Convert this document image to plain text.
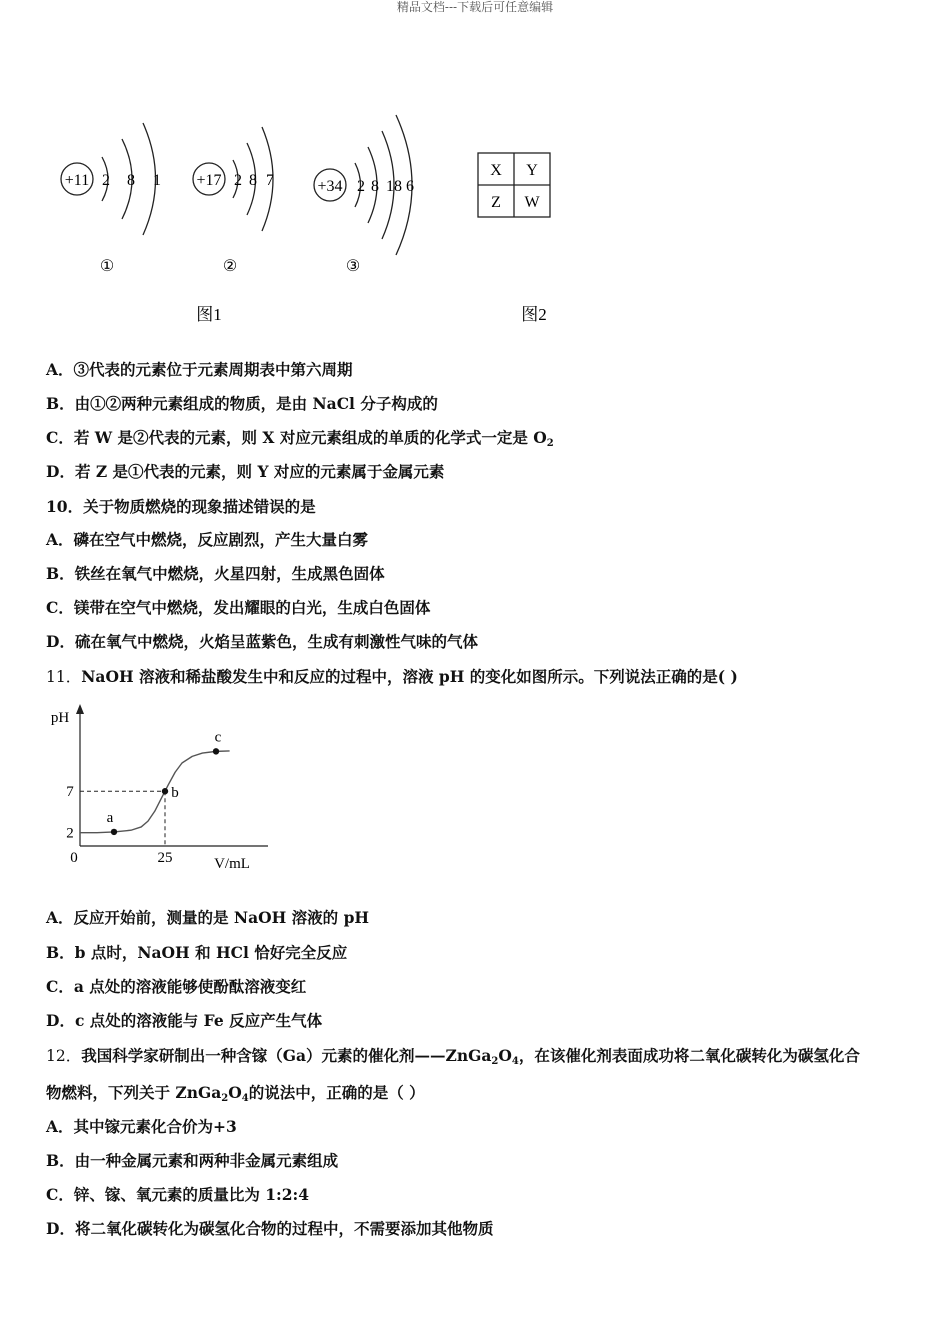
精品文档---下载后可任意编辑
+11 2 8 1
①
+17 2 8 7
②
+34 2 8 18 6
③
图1
X Y
Z W
图2
A．③代表的元素位于元素周期表中第六周期
B．由①②两种元素组成的物质，是由 NaCl 分子构成的
C．若 W 是②代表的元素，则 X 对应元素组成的单质的化学式一定是 $O_2$
D．若 Z 是①代表的元素，则 Y 对应的元素属于金属元素
10．关于物质燃烧的现象描述错误的是
A．磷在空气中燃烧，反应剧烈，产生大量白雾
B．铁丝在氧气中燃烧，火星四射，生成黑色固体
C．镁带在空气中燃烧，发出耀眼的白光，生成白色固体
D．硫在氧气中燃烧，火焰呈蓝紫色，生成有刺激性气味的气体
11．NaOH 溶液和稀盐酸发生中和反应的过程中，溶液 pH 的变化如图所示。下列说法正确的是( )
pH
V/mL
0	25
2
7
a
b
c
A．反应开始前，测量的是 NaOH 溶液的 pH
B．b 点时，NaOH 和 HCl 恰好完全反应
C．a 点处的溶液能够使酚酞溶液变红
D．c 点处的溶液能与 Fe 反应产生气体
12．我国科学家研制出一种含镓（Ga）元素的催化剂$——ZnGa_2O_4$，在该催化剂表面成功将二氧化碳转化为碳氢化合
物燃料，下列关于 $ZnGa_2O_4$的说法中，正确的是（ ）
A．其中镓元素化合价为+3
B．由一种金属元素和两种非金属元素组成
C．锌、镓、氧元素的质量比为 1:2:4
D．将二氧化碳转化为碳氢化合物的过程中，不需要添加其他物质
